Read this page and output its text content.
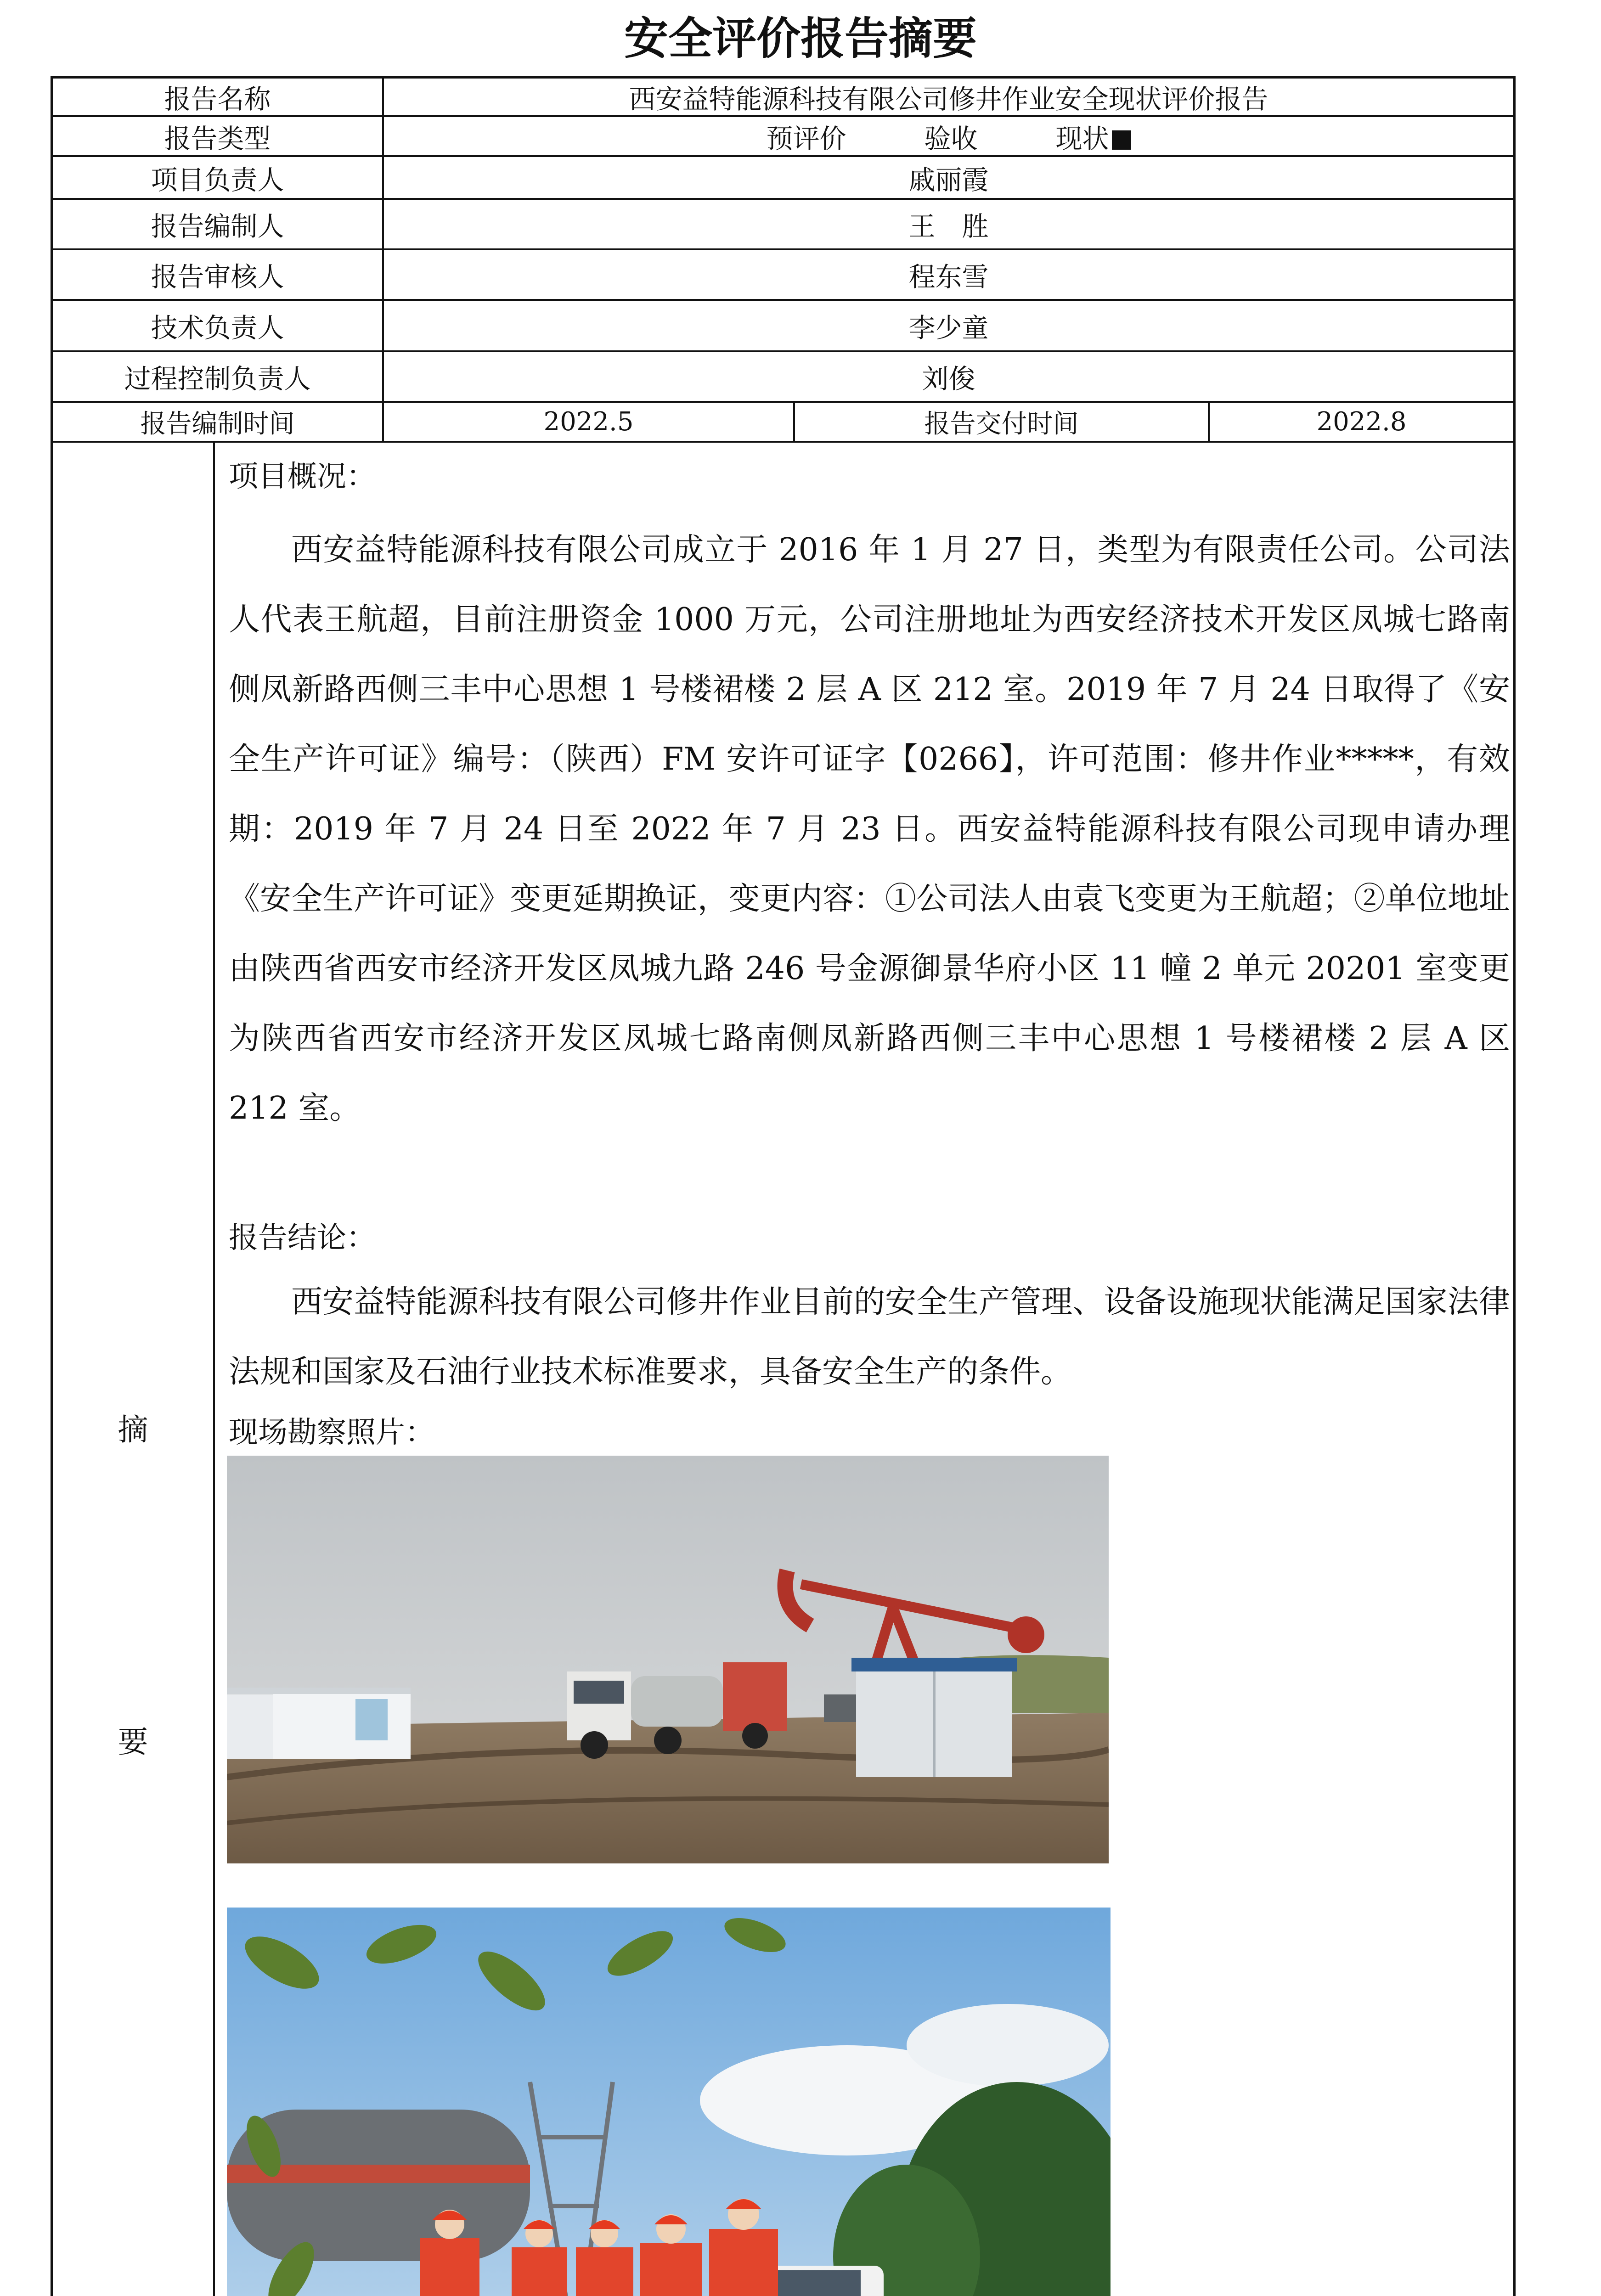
安全评价报告摘要
报告名称	西安益特能源科技有限公司修井作业安全现状评价报告
报告类型	预评价	验收	现状
项目负责人	戚丽霞
报告编制人	王　胜
报告审核人	程东雪
技术负责人	李少童
过程控制负责人	刘俊
报告编制时间	2022.5	报告交付时间	2022.8
摘
要
项目概况：
西安益特能源科技有限公司成立于 2016 年 1 月 27 日，类型为有限责任公司。公司法人代表王航超，目前注册资金 1000 万元，公司注册地址为西安经济技术开发区凤城七路南侧凤新路西侧三丰中心思想 1 号楼裙楼 2 层 A 区 212 室。2019 年 7 月 24 日取得了《安全生产许可证》编号：（陕西）FM 安许可证字【0266】，许可范围：修井作业*****，有效期：2019 年 7 月 24 日至 2022 年 7 月 23 日。西安益特能源科技有限公司现申请办理《安全生产许可证》变更延期换证，变更内容：①公司法人由袁飞变更为王航超；②单位地址由陕西省西安市经济开发区凤城九路 246 号金源御景华府小区 11 幢 2 单元 20201 室变更为陕西省西安市经济开发区凤城七路南侧凤新路西侧三丰中心思想 1 号楼裙楼 2 层 A 区 212 室。
报告结论：
西安益特能源科技有限公司修井作业目前的安全生产管理、设备设施现状能满足国家法律法规和国家及石油行业技术标准要求，具备安全生产的条件。
现场勘察照片：
